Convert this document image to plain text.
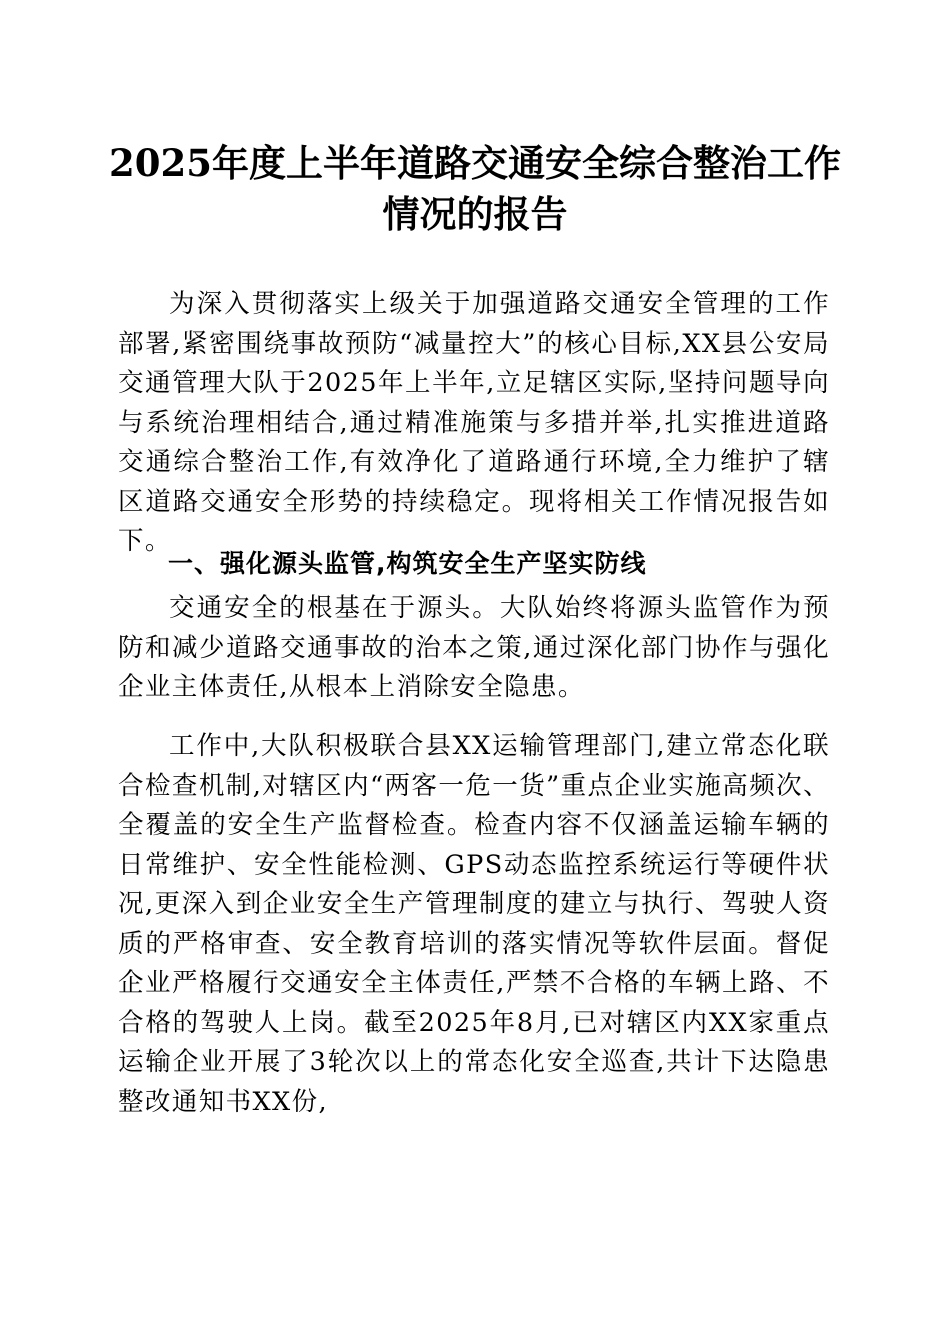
2025年度上半年道路交通安全综合整治工作
情况的报告

为深入贯彻落实上级关于加强道路交通安全管理的工作部署,紧密围绕事故预防“减量控大”的核心目标,XX县公安局交通管理大队于2025年上半年,立足辖区实际,坚持问题导向与系统治理相结合,通过精准施策与多措并举,扎实推进道路交通综合整治工作,有效净化了道路通行环境,全力维护了辖区道路交通安全形势的持续稳定。现将相关工作情况报告如下。

一、强化源头监管,构筑安全生产坚实防线

交通安全的根基在于源头。大队始终将源头监管作为预防和减少道路交通事故的治本之策,通过深化部门协作与强化企业主体责任,从根本上消除安全隐患。

工作中,大队积极联合县XX运输管理部门,建立常态化联合检查机制,对辖区内“两客一危一货”重点企业实施高频次、全覆盖的安全生产监督检查。检查内容不仅涵盖运输车辆的日常维护、安全性能检测、GPS动态监控系统运行等硬件状况,更深入到企业安全生产管理制度的建立与执行、驾驶人资质的严格审查、安全教育培训的落实情况等软件层面。督促企业严格履行交通安全主体责任,严禁不合格的车辆上路、不合格的驾驶人上岗。截至2025年8月,已对辖区内XX家重点运输企业开展了3轮次以上的常态化安全巡查,共计下达隐患整改通知书XX份,
